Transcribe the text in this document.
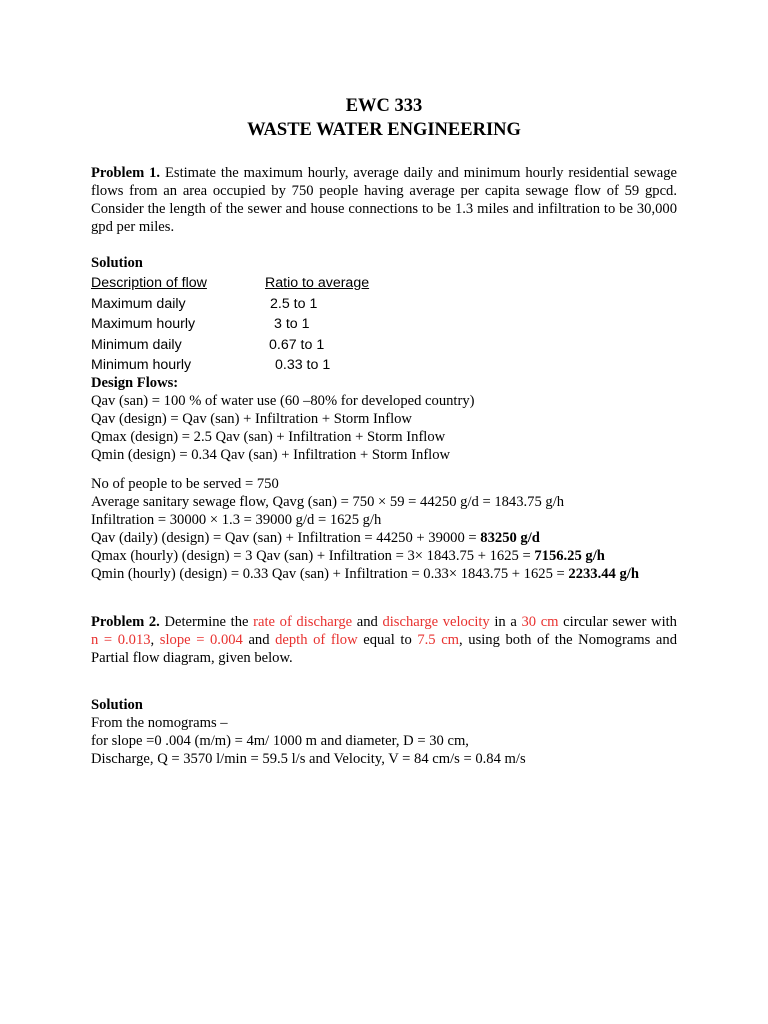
EWC 333
WASTE WATER ENGINEERING
Problem 1. Estimate the maximum hourly, average daily and minimum hourly residential sewage
flows from an area occupied by 750 people having average per capita sewage flow of 59 gpcd.
Consider the length of the sewer and house connections to be 1.3 miles and infiltration to be 30,000
gpd per miles.
Solution
Description of flow	Ratio to average
Maximum daily	2.5 to 1
Maximum hourly	3 to 1
Minimum daily	0.67 to 1
Minimum hourly	0.33 to 1
Design Flows:
Qav (san) = 100 % of water use (60 –80% for developed country)
Qav (design) = Qav (san) + Infiltration + Storm Inflow
Qmax (design) = 2.5 Qav (san) + Infiltration + Storm Inflow
Qmin (design) = 0.34 Qav (san) + Infiltration + Storm Inflow
No of people to be served = 750
Average sanitary sewage flow, Qavg (san) = 750 × 59 = 44250 g/d = 1843.75 g/h
Infiltration = 30000 × 1.3 = 39000 g/d = 1625 g/h
Qav (daily) (design) = Qav (san) + Infiltration = 44250 + 39000 = 83250 g/d
Qmax (hourly) (design) = 3 Qav (san) + Infiltration = 3× 1843.75 + 1625 = 7156.25 g/h
Qmin (hourly) (design) = 0.33 Qav (san) + Infiltration = 0.33× 1843.75 + 1625 = 2233.44 g/h
Problem 2. Determine the rate of discharge and discharge velocity in a 30 cm circular sewer with
n = 0.013, slope = 0.004 and depth of flow equal to 7.5 cm, using both of the Nomograms and
Partial flow diagram, given below.
Solution
From the nomograms –
for slope =0 .004 (m/m) = 4m/ 1000 m and diameter, D = 30 cm,
Discharge, Q = 3570 l/min = 59.5 l/s and Velocity, V = 84 cm/s = 0.84 m/s
